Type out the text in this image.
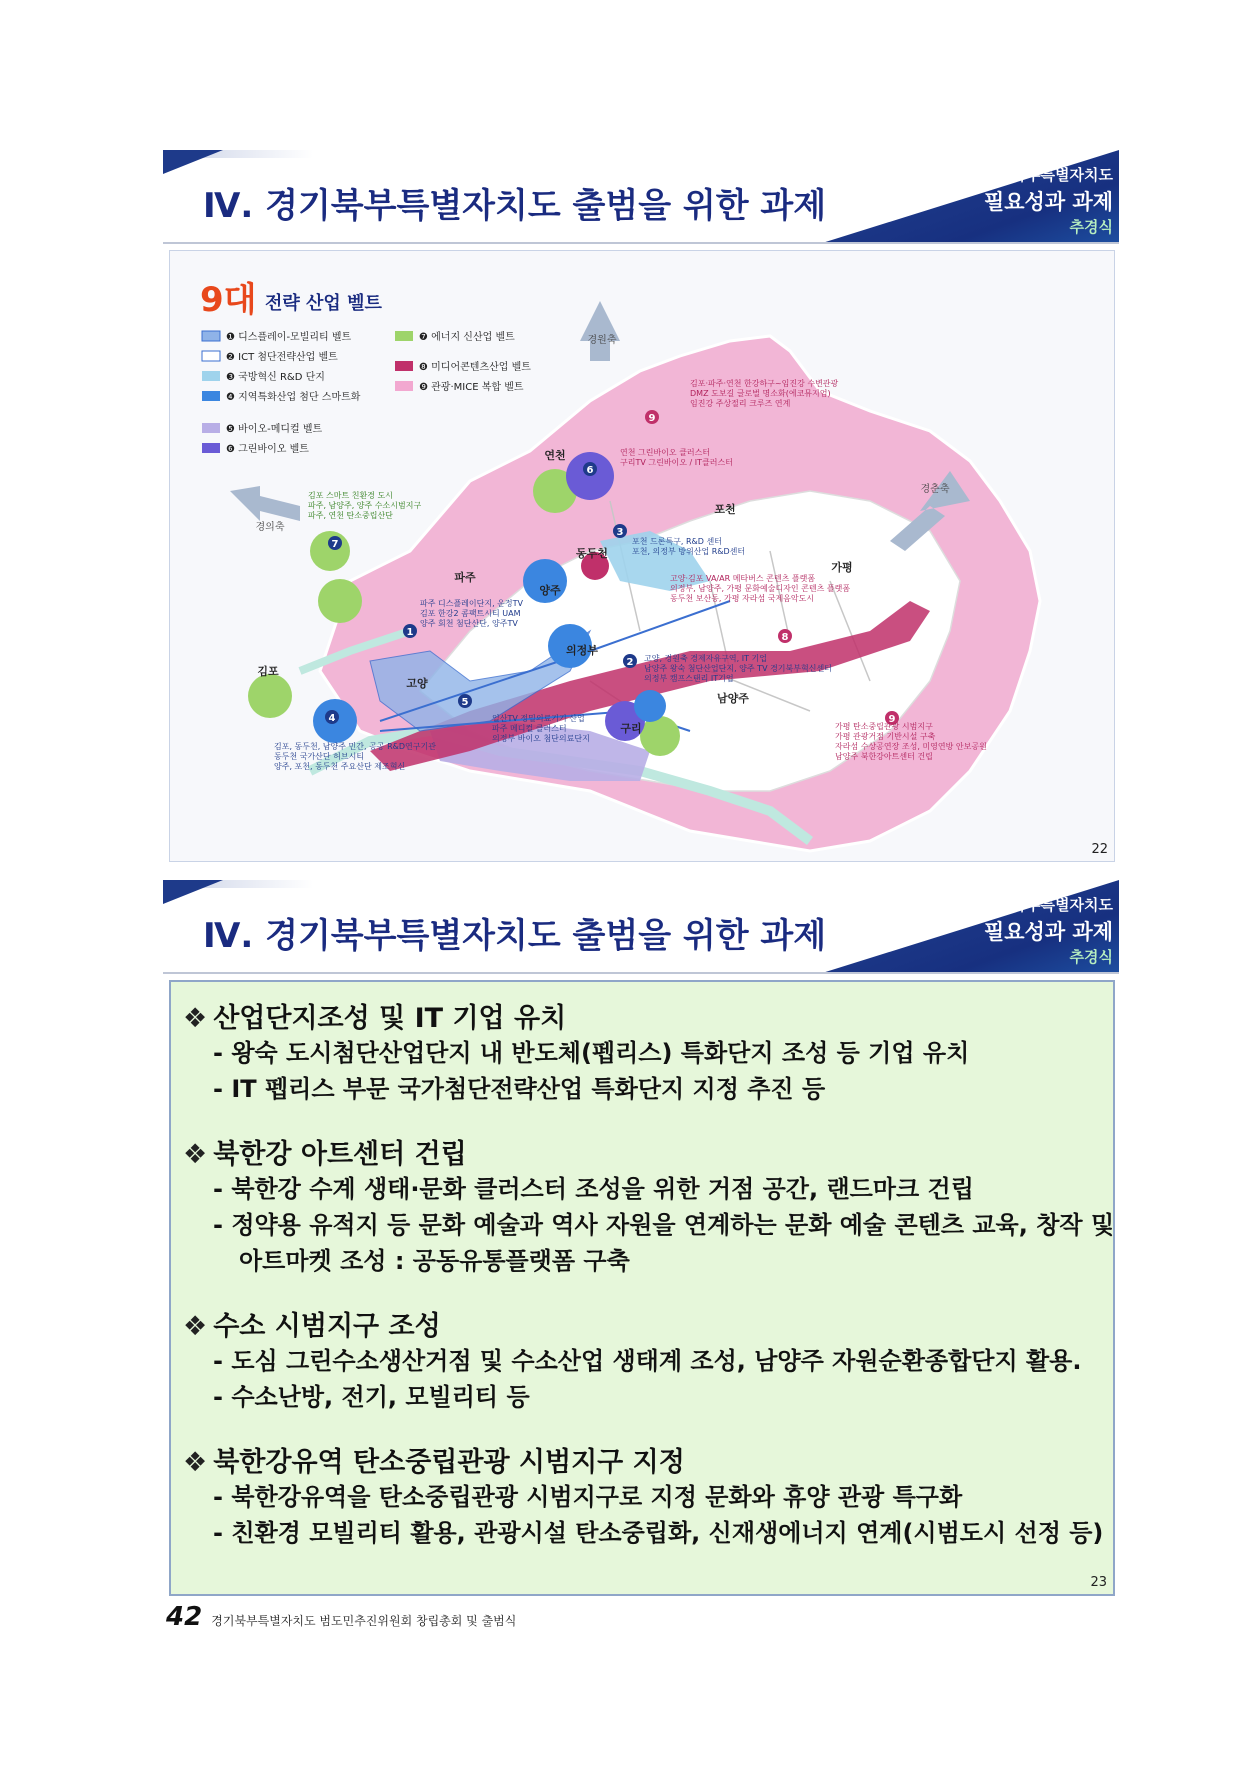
Ⅳ. 경기북부특별자치도 출범을 위한 과제
경기북부특별자치도
필요성과 과제
추경식
1
2
3
4
5
6
7
8
9
9
연천
포천
동두천
파주
양주
가평
의정부
김포
고양
남양주
구리
경원축
경춘축
경의축
9대 전략 산업 벨트
❶ 디스플레이-모빌리티 벨트
❷ ICT 첨단전략산업 벨트
❸ 국방혁신 R&D 단지
❹ 지역특화산업 첨단 스마트화
❺ 바이오-메디컬 벨트
❻ 그린바이오 벨트
❼ 에너지 신산업 벨트
❽ 미디어콘텐츠산업 벨트
❾ 관광·MICE 복합 벨트	김포·파주·연천 한강하구~임진강 수변관광
DMZ 도보길 글로벌 명소화(에코뮤지엄)
임진강 주상절리 크루즈 연계
고양·김포 VA/AR 메타버스 콘텐츠 플랫폼
의정부, 남양주, 가평 문화예술디자인 콘텐츠 플랫폼
동두천 보산동, 가평 자라섬 국제음악도시
가평 탄소중립관광 시범지구
가평 관광거점 기반시설 구축
자라섬 수상공연장 조성, 미영연방 안보공원
남양주 북한강아트센터 건립
연천 그린바이오 클러스터
구리TV 그린바이오 / IT클러스터
김포 스마트 친환경 도시
파주, 남양주, 양주 수소시범지구
파주, 연천 탄소중립산단
포천 드론특구, R&D 센터
포천, 의정부 방위산업 R&D센터
파주 디스플레이단지, 운정TV
김포 한강2 콤팩트시티 UAM
양주 회천 첨단산단, 양주TV
고양, 경원축 경제자유구역, IT 기업
남양주 왕숙 첨단산업단지, 양주 TV 경기북부혁신센터
의정부 캠프스탠리 IT기업
일산TV 정밀의료기기 산업
파주 메디컬 클러스터
의정부 바이오 첨단의료단지
김포, 동두천, 남양주 민간, 공공 R&D연구기관
동두천 국가산단 허브시티
양주, 포천, 동두천 주요산단 제조혁신
22
Ⅳ. 경기북부특별자치도 출범을 위한 과제
경기북부특별자치도
필요성과 과제
추경식
❖ 산업단지조성 및 IT 기업 유치
- 왕숙 도시첨단산업단지 내 반도체(펩리스) 특화단지 조성 등 기업 유치
- IT 펩리스 부문 국가첨단전략산업 특화단지 지정 추진 등
❖ 북한강 아트센터 건립
- 북한강 수계 생태·문화 클러스터 조성을 위한 거점 공간, 랜드마크 건립
- 정약용 유적지 등 문화 예술과 역사 자원을 연계하는 문화 예술 콘텐츠 교육, 창작 및
아트마켓 조성 : 공동유통플랫폼 구축
❖ 수소 시범지구 조성
- 도심 그린수소생산거점 및 수소산업 생태계 조성, 남양주 자원순환종합단지 활용.
- 수소난방, 전기, 모빌리티 등
❖ 북한강유역 탄소중립관광 시범지구 지정
- 북한강유역을 탄소중립관광 시범지구로 지정 문화와 휴양 관광 특구화
- 친환경 모빌리티 활용, 관광시설 탄소중립화, 신재생에너지 연계(시범도시 선정 등)
23
42 경기북부특별자치도 범도민추진위원회 창립총회 및 출범식
